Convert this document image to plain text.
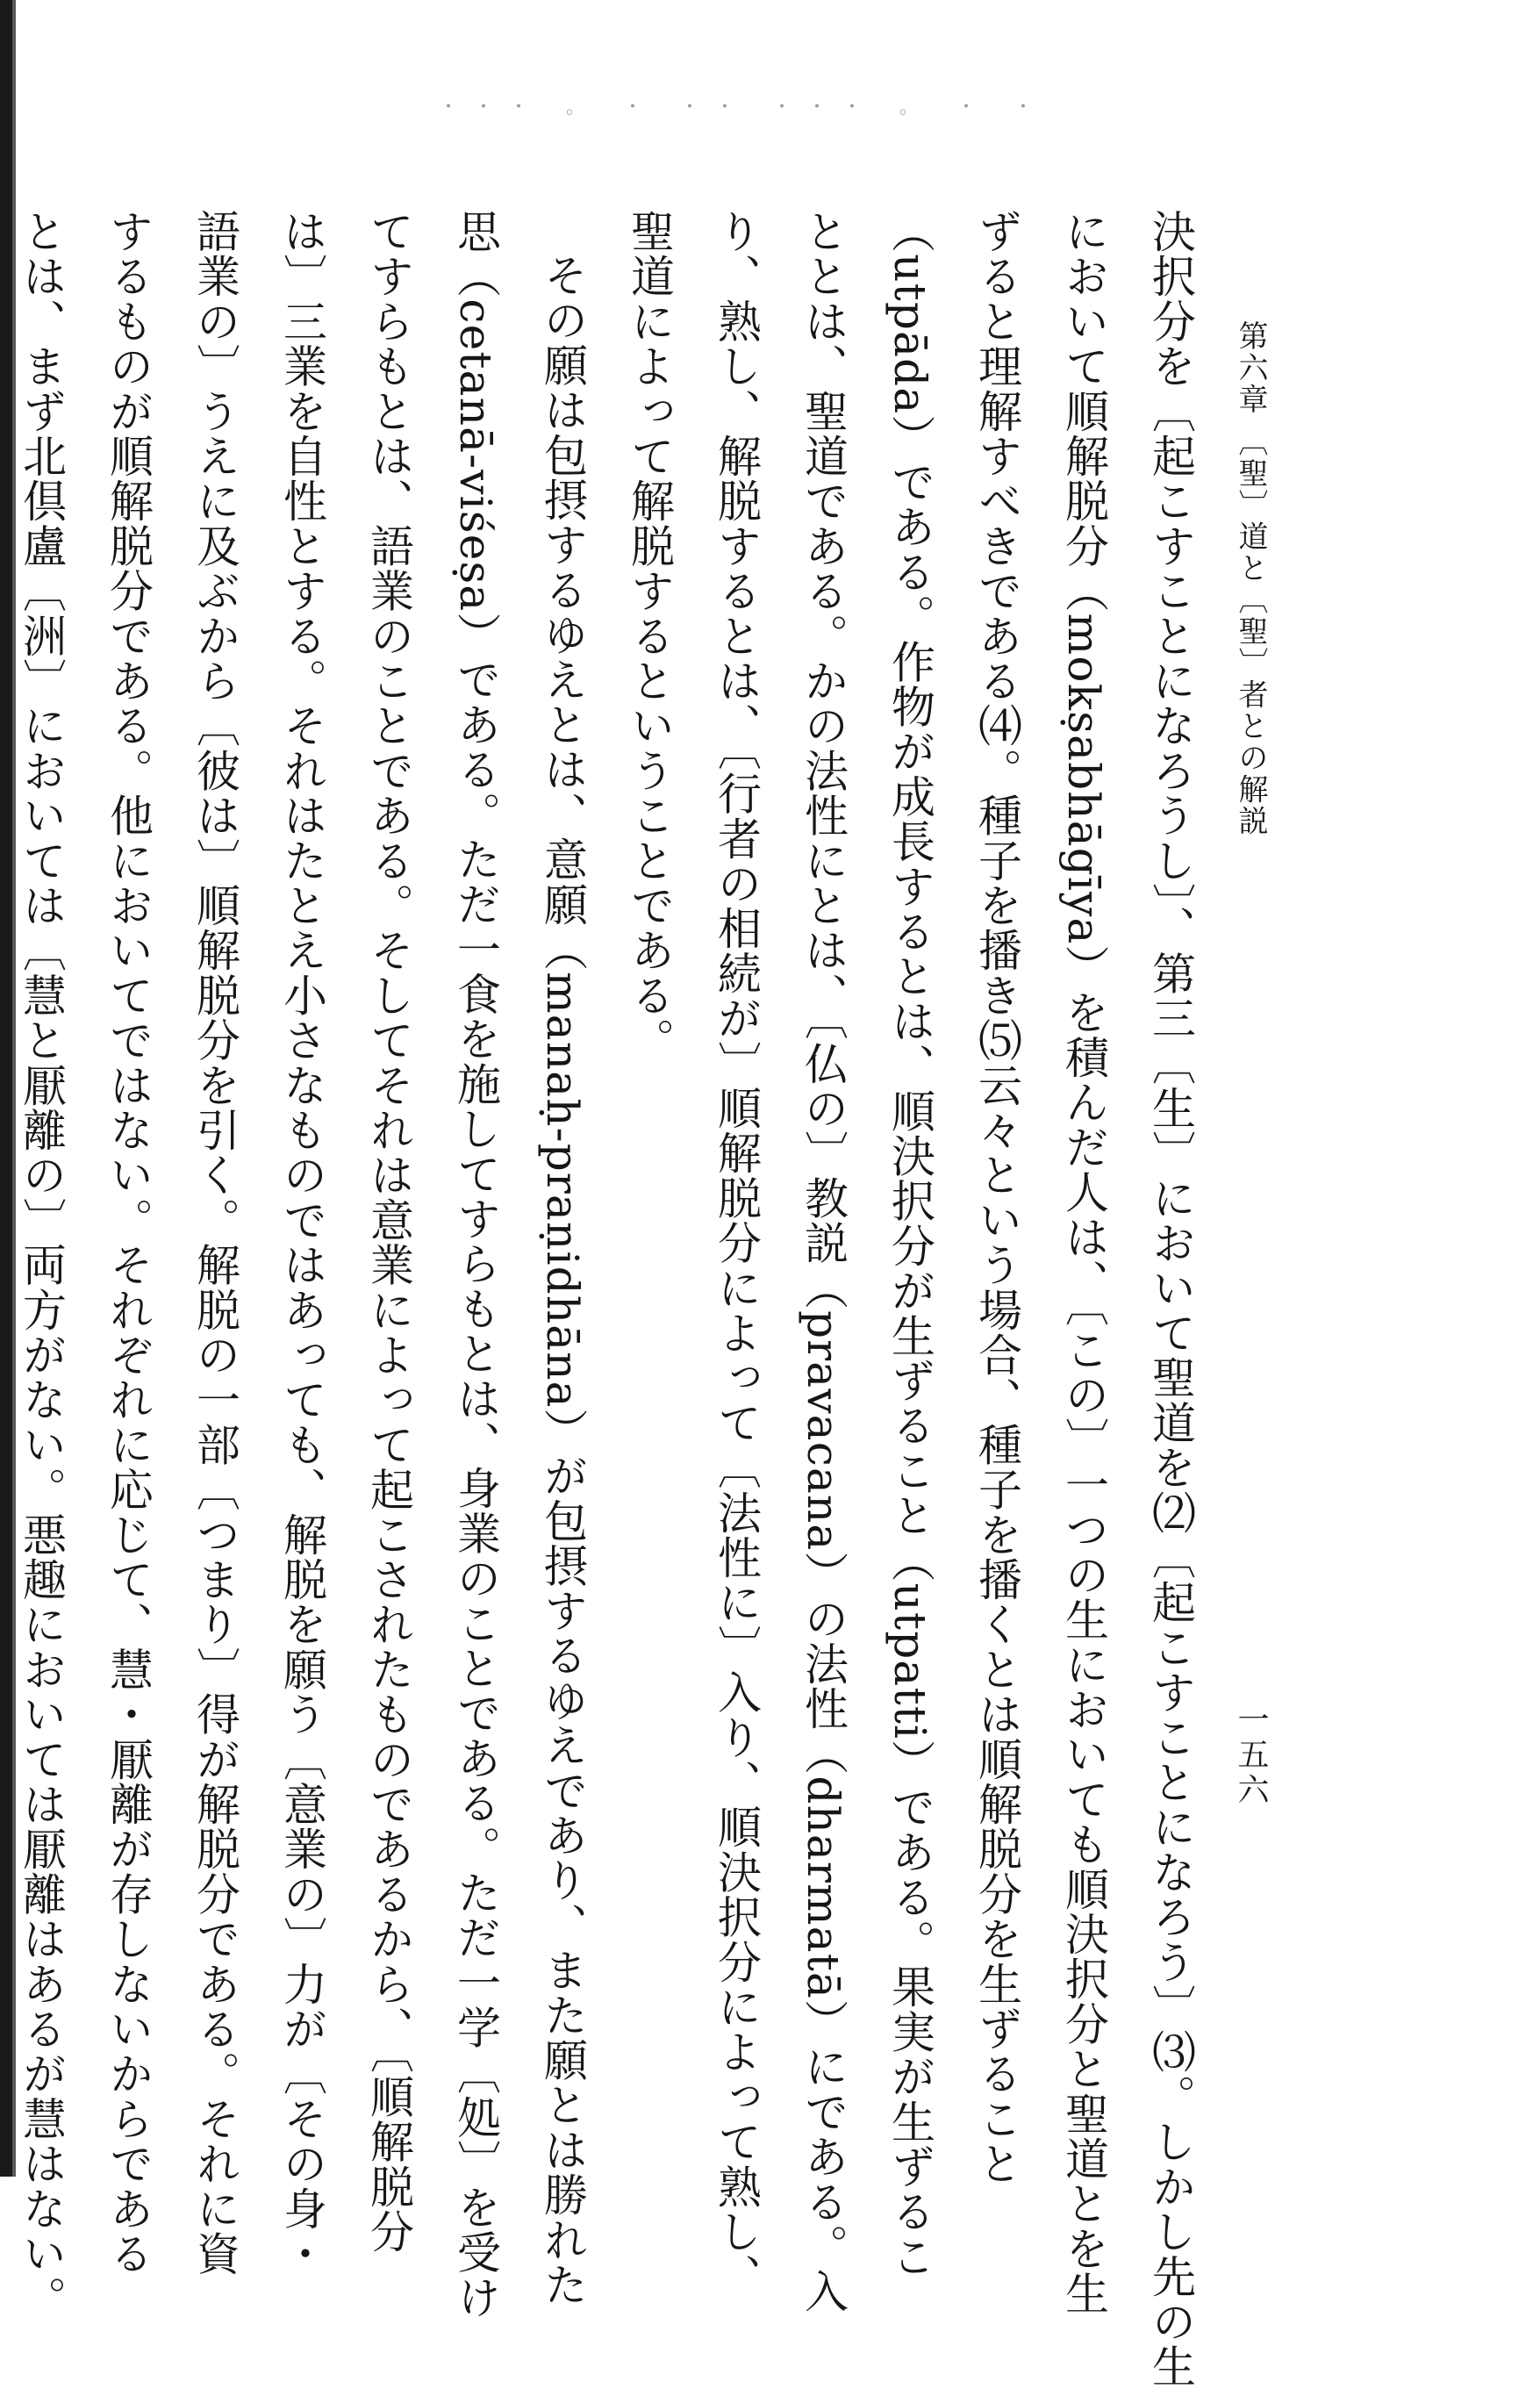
・・・ 。 ・ ・・ ・・・ 。 ・ ・
第六章 〔聖〕道と〔聖〕者との解説
一五六

決択分を〔起こすことになろうし〕、第三〔生〕において聖道を⑵〔起こすことになろう〕⑶。しかし先の生

において順解脱分（mokṣabhāgīya）を積んだ人は、〔この〕一つの生においても順決択分と聖道とを生

ずると理解すべきである⑷。種子を播き⑸云々という場合、種子を播くとは順解脱分を生ずること

（utpāda）である。作物が成長するとは、順決択分が生ずること（utpatti）である。果実が生ずるこ

ととは、聖道である。かの法性にとは、〔仏の〕教説（pravacana）の法性（dharmatā）にである。入

り、熟し、解脱するとは、〔行者の相続が〕順解脱分によって〔法性に〕入り、順決択分によって熟し、

聖道によって解脱するということである。

その願は包摂するゆえとは、意願（manaḥ-praṇidhāna）が包摂するゆえであり、また願とは勝れた

思（cetanā-viśeṣa）である。ただ一食を施してすらもとは、身業のことである。ただ一学〔処〕を受け

てすらもとは、語業のことである。そしてそれは意業によって起こされたものであるから、〔順解脱分

は〕三業を自性とする。それはたとえ小さなものではあっても、解脱を願う〔意業の〕力が〔その身・

語業の〕うえに及ぶから〔彼は〕順解脱分を引く。解脱の一部〔つまり〕得が解脱分である。それに資

するものが順解脱分である。他においてではない。それぞれに応じて、慧・厭離が存しないからである

とは、まず北倶盧〔洲〕においては〔慧と厭離の〕両方がない。悪趣においては厭離はあるが慧はない。
